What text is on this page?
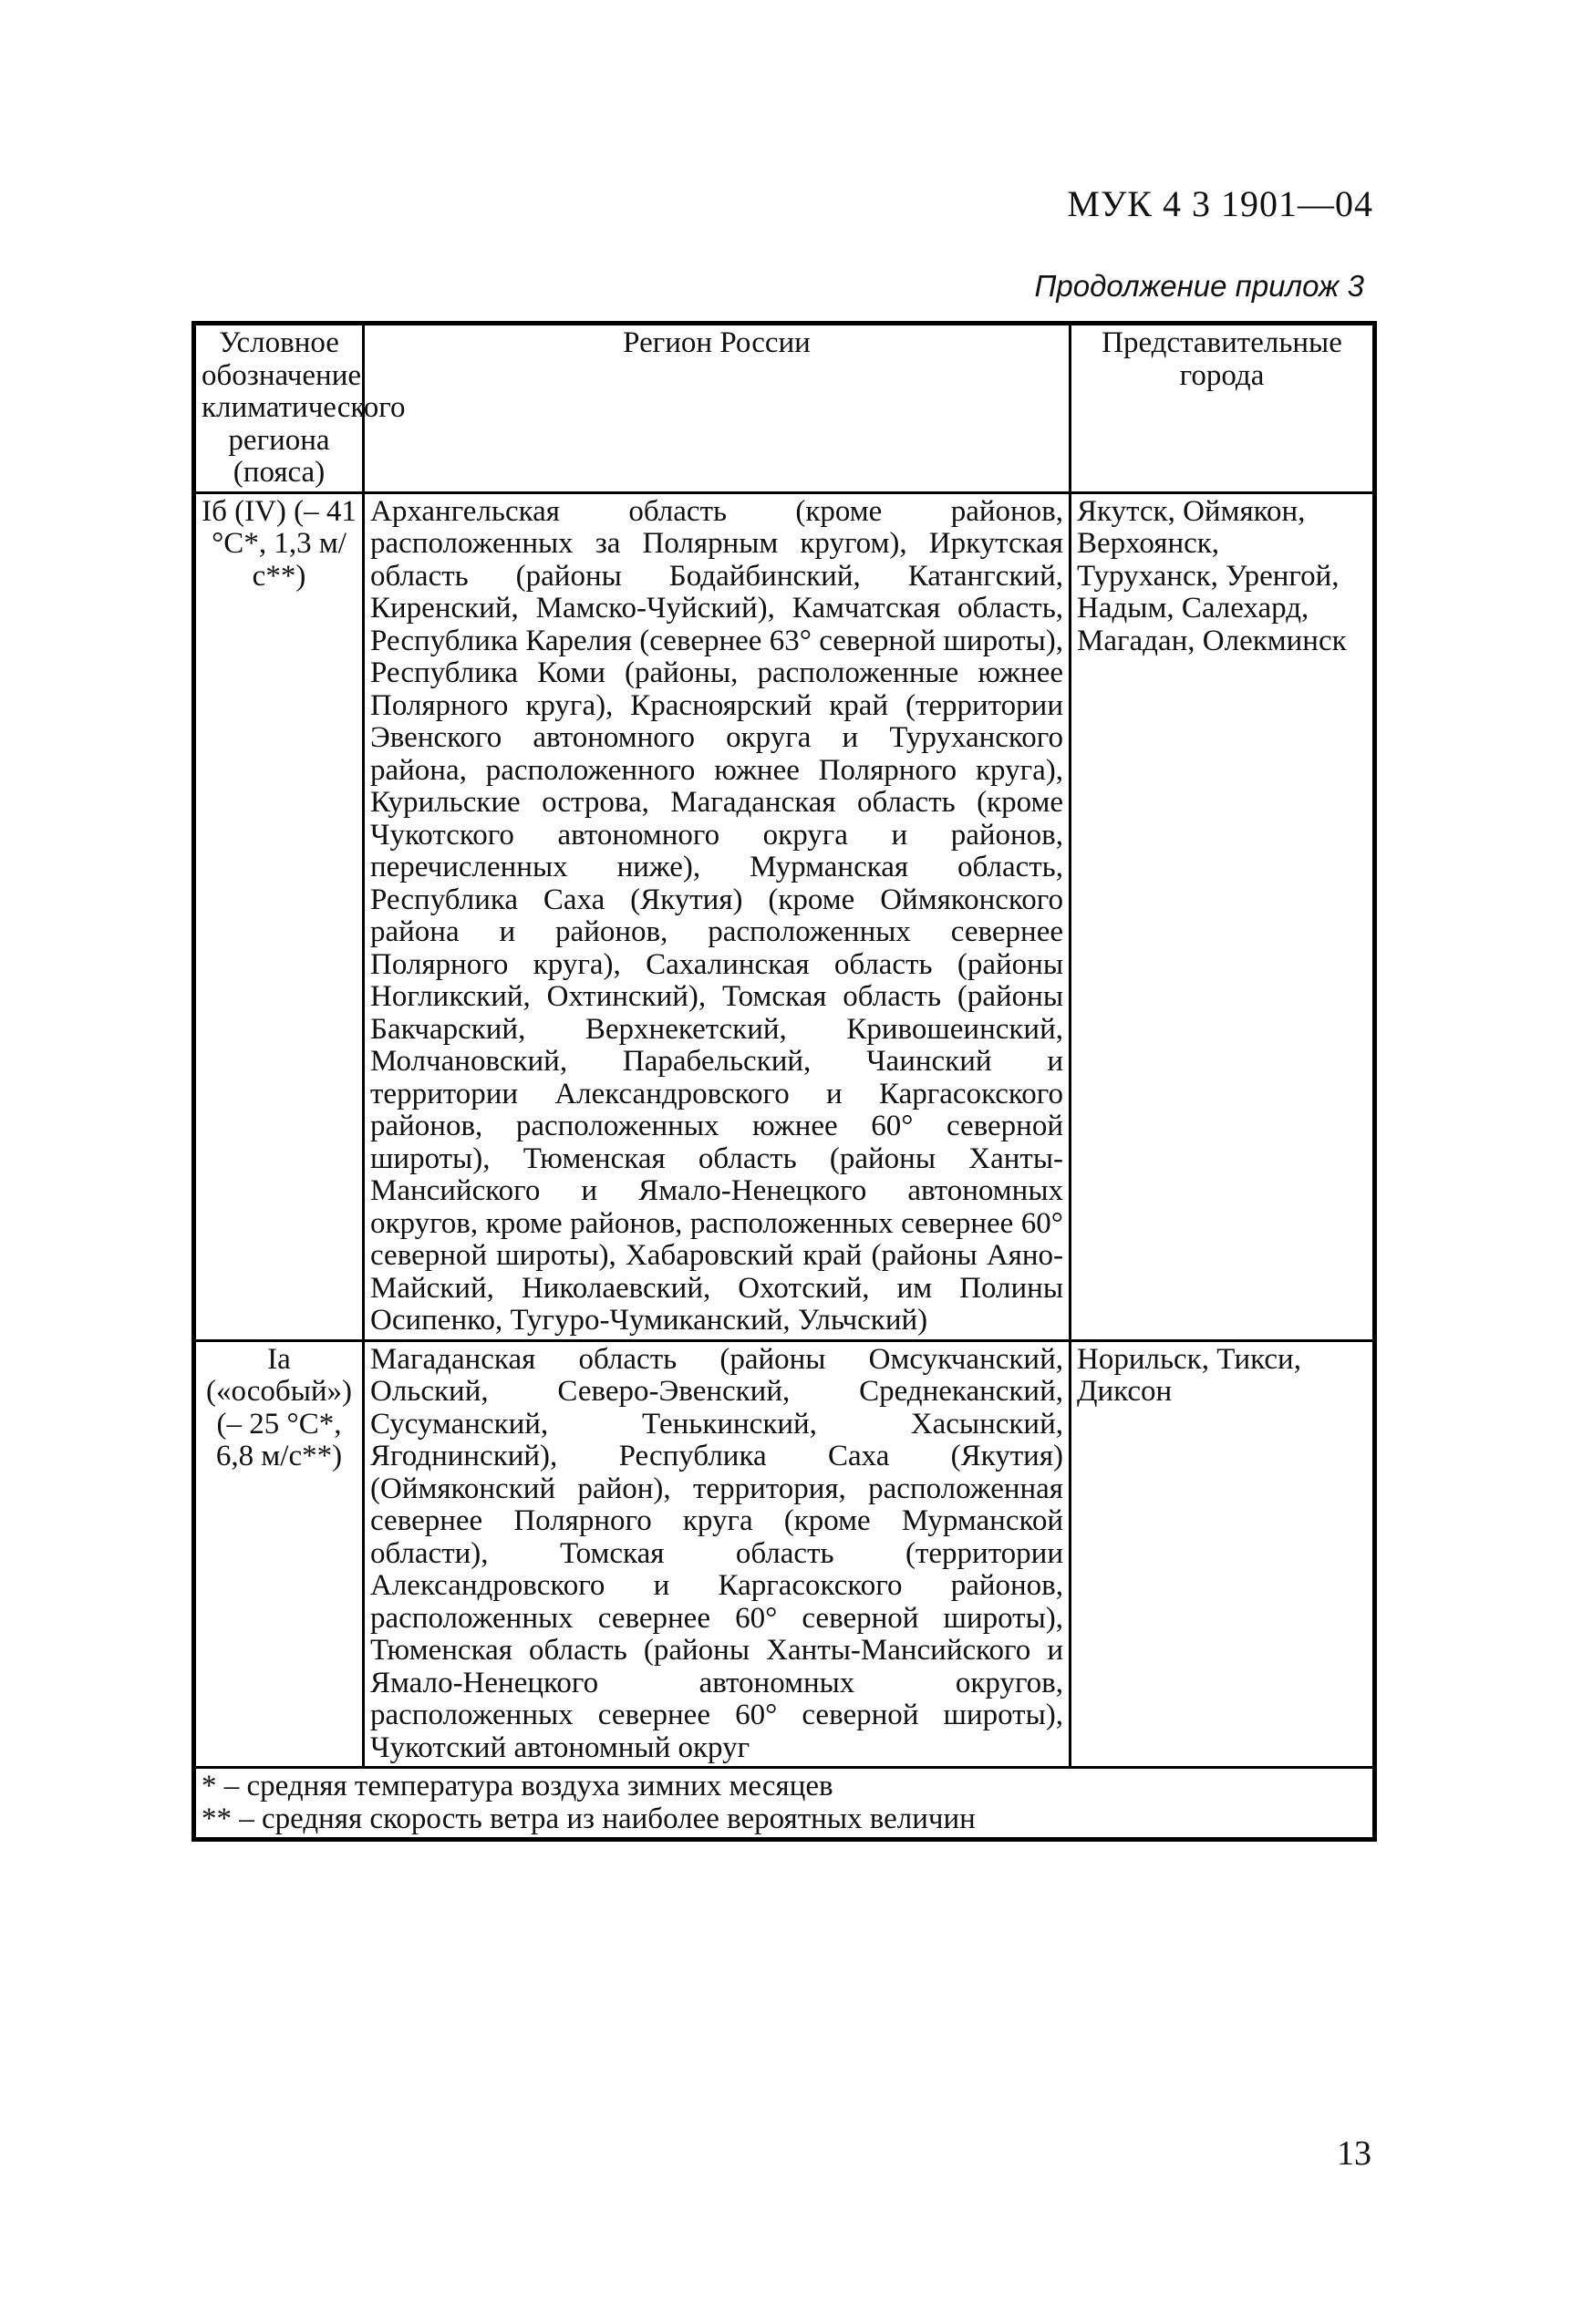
МУК 4 3 1901—04
Продолжение прилож 3
Условное обозначение климатического региона (пояса)	Регион России	Представительные города
Iб (IV) (– 41 °С*, 1,3 м/с**)	Архангельская область (кроме районов, расположенных за Полярным кругом), Иркутская область (районы Бодайбинский, Катангский, Киренский, Мамско-Чуйский), Камчатская область, Республика Карелия (севернее 63° северной широты), Республика Коми (районы, расположенные южнее Полярного круга), Красноярский край (территории Эвенского автономного округа и Туруханского района, расположенного южнее Полярного круга), Курильские острова, Магаданская область (кроме Чукотского автономного округа и районов, перечисленных ниже), Мурманская область, Республика Саха (Якутия) (кроме Оймяконского района и районов, расположенных севернее Полярного круга), Сахалинская область (районы Ногликский, Охтинский), Томская область (районы Бакчарский, Верхнекетский, Кривошеинский, Молчановский, Парабельский, Чаинский и территории Александровского и Каргасокского районов, расположенных южнее 60° северной широты), Тюменская область (районы Ханты-Мансийского и Ямало-Ненецкого автономных округов, кроме районов, расположенных севернее 60° северной широты), Хабаровский край (районы Аяно-Майский, Николаевский, Охотский, им Полины Осипенко, Тугуро-Чумиканский, Ульчский)	Якутск, Оймякон, Верхоянск, Туруханск, Уренгой, Надым, Салехард, Магадан, Олекминск
Iа («особый») (– 25 °С*, 6,8 м/с**)	Магаданская область (районы Омсукчанский, Ольский, Северо-Эвенский, Среднеканский, Сусуманский, Тенькинский, Хасынский, Ягоднинский), Республика Саха (Якутия) (Оймяконский район), территория, расположенная севернее Полярного круга (кроме Мурманской области), Томская область (территории Александровского и Каргасокского районов, расположенных севернее 60° северной широты), Тюменская область (районы Ханты-Мансийского и Ямало-Ненецкого автономных округов, расположенных севернее 60° северной широты), Чукотский автономный округ	Норильск, Тикси, Диксон

* – средняя температура воздуха зимних месяцев
** – средняя скорость ветра из наиболее вероятных величин		
13
